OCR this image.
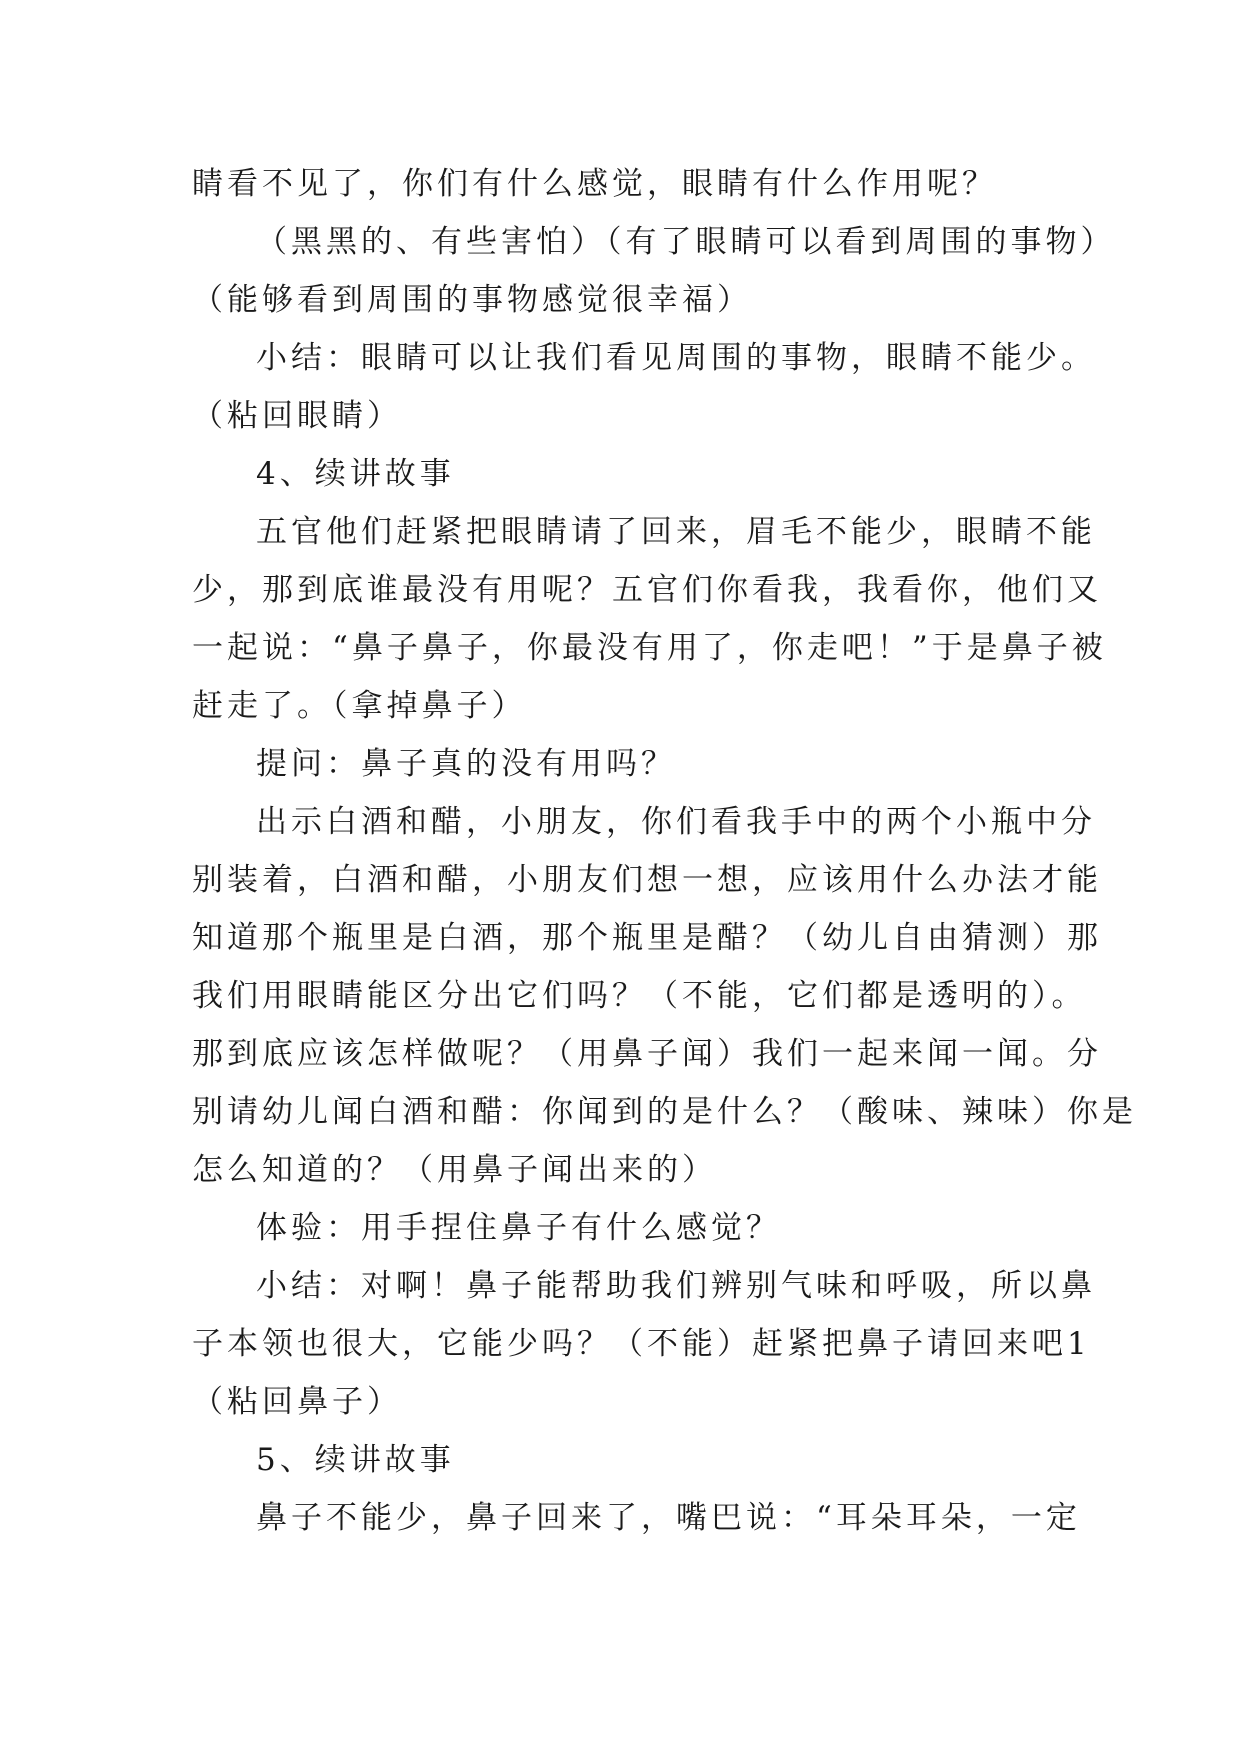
睛看不见了，你们有什么感觉，眼睛有什么作用呢？
（黑黑的、有些害怕）（有了眼睛可以看到周围的事物）
（能够看到周围的事物感觉很幸福）
小结：眼睛可以让我们看见周围的事物，眼睛不能少。
（粘回眼睛）
4、续讲故事
五官他们赶紧把眼睛请了回来，眉毛不能少，眼睛不能
少，那到底谁最没有用呢？五官们你看我，我看你，他们又
一起说：“鼻子鼻子，你最没有用了，你走吧！”于是鼻子被
赶走了。（拿掉鼻子）
提问：鼻子真的没有用吗？
出示白酒和醋，小朋友，你们看我手中的两个小瓶中分
别装着，白酒和醋，小朋友们想一想，应该用什么办法才能
知道那个瓶里是白酒，那个瓶里是醋？（幼儿自由猜测）那
我们用眼睛能区分出它们吗？（不能，它们都是透明的）。
那到底应该怎样做呢？（用鼻子闻）我们一起来闻一闻。分
别请幼儿闻白酒和醋：你闻到的是什么？（酸味、辣味）你是
怎么知道的？（用鼻子闻出来的）
体验：用手捏住鼻子有什么感觉？
小结：对啊！鼻子能帮助我们辨别气味和呼吸，所以鼻
子本领也很大，它能少吗？（不能）赶紧把鼻子请回来吧1
（粘回鼻子）
5、续讲故事
鼻子不能少，鼻子回来了，嘴巴说：“耳朵耳朵，一定
